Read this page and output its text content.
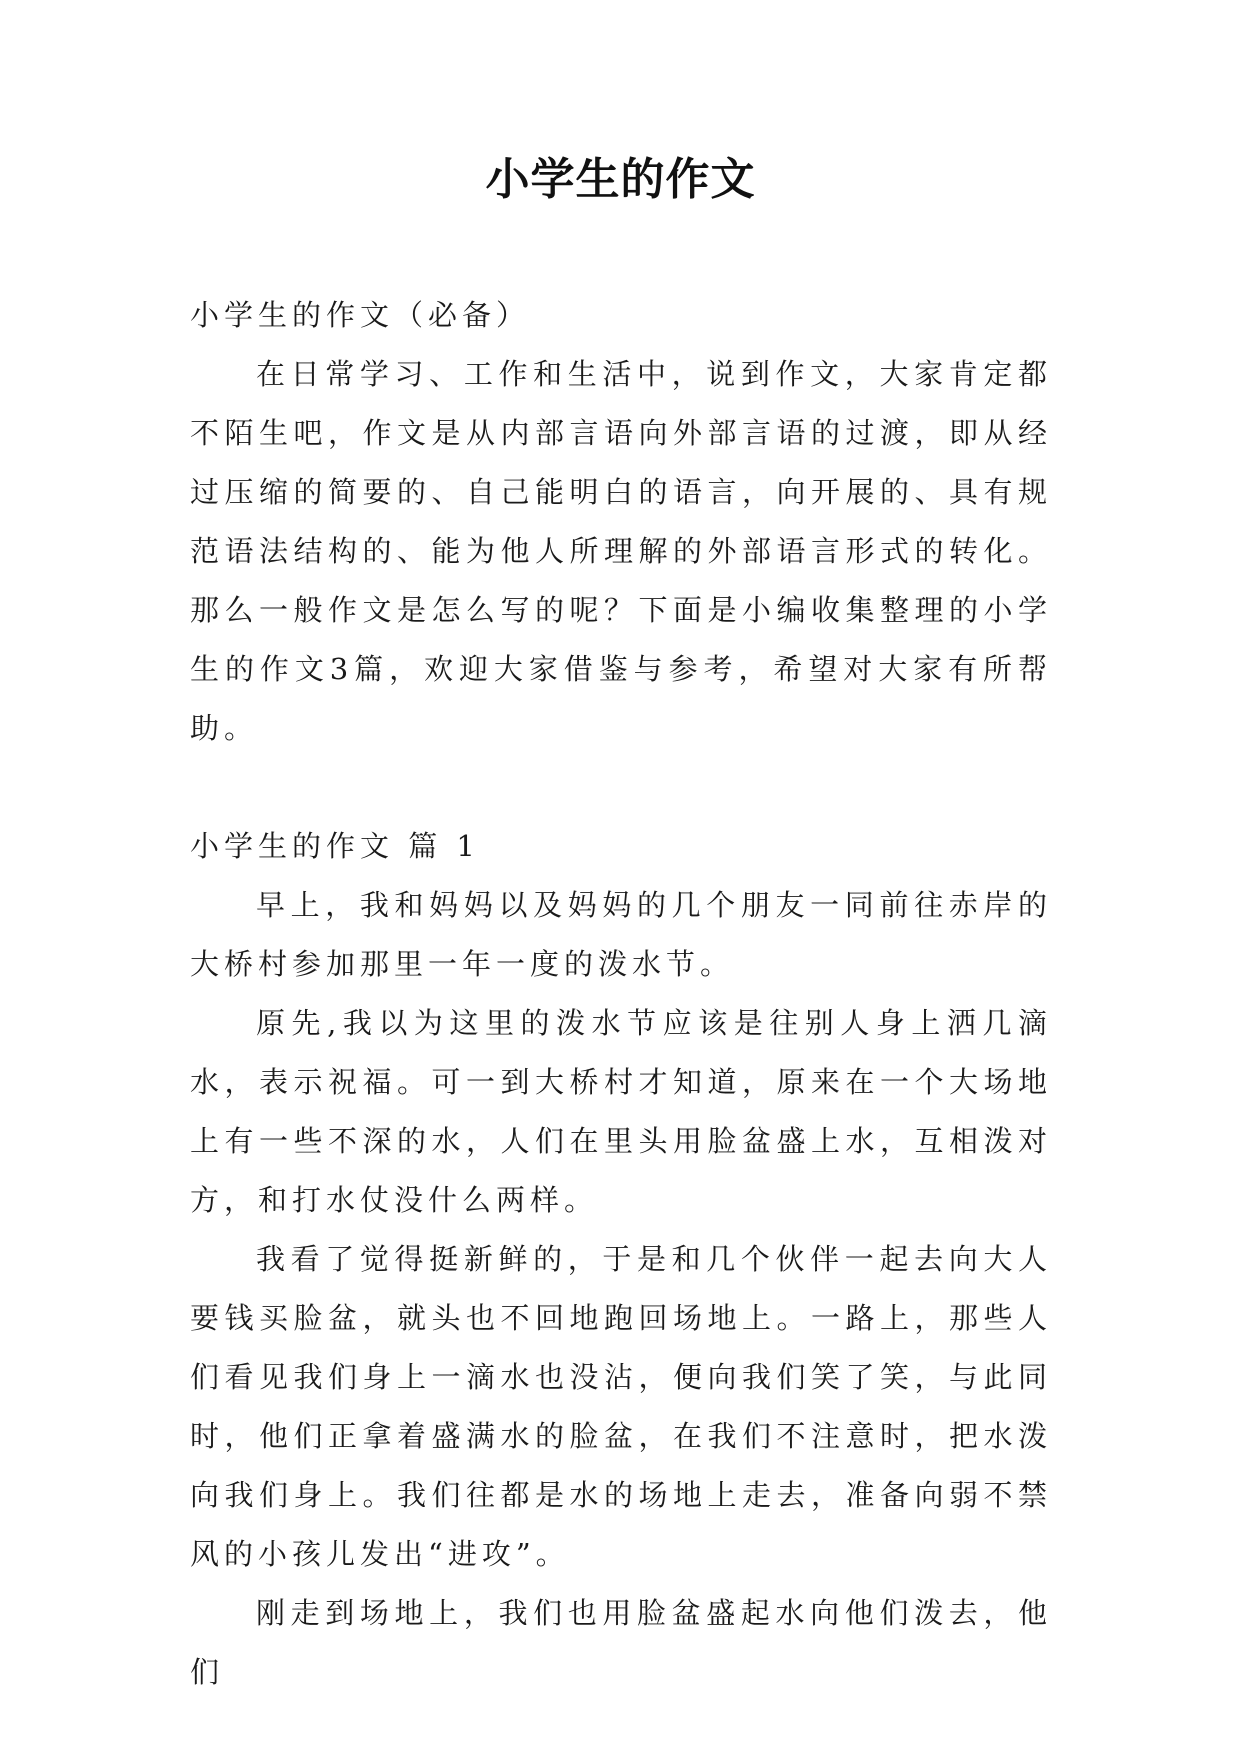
小学生的作文

小学生的作文（必备）

在日常学习、工作和生活中，说到作文，大家肯定都不陌生吧，作文是从内部言语向外部言语的过渡，即从经过压缩的简要的、自己能明白的语言，向开展的、具有规范语法结构的、能为他人所理解的外部语言形式的转化。那么一般作文是怎么写的呢？下面是小编收集整理的小学生的作文3篇，欢迎大家借鉴与参考，希望对大家有所帮助。

小学生的作文 篇 1

早上，我和妈妈以及妈妈的几个朋友一同前往赤岸的大桥村参加那里一年一度的泼水节。

原先,我以为这里的泼水节应该是往别人身上洒几滴水，表示祝福。可一到大桥村才知道，原来在一个大场地上有一些不深的水，人们在里头用脸盆盛上水，互相泼对方，和打水仗没什么两样。

我看了觉得挺新鲜的，于是和几个伙伴一起去向大人要钱买脸盆，就头也不回地跑回场地上。一路上，那些人们看见我们身上一滴水也没沾，便向我们笑了笑，与此同时，他们正拿着盛满水的脸盆，在我们不注意时，把水泼向我们身上。我们往都是水的场地上走去，准备向弱不禁风的小孩儿发出“进攻”。

刚走到场地上，我们也用脸盆盛起水向他们泼去，他们
